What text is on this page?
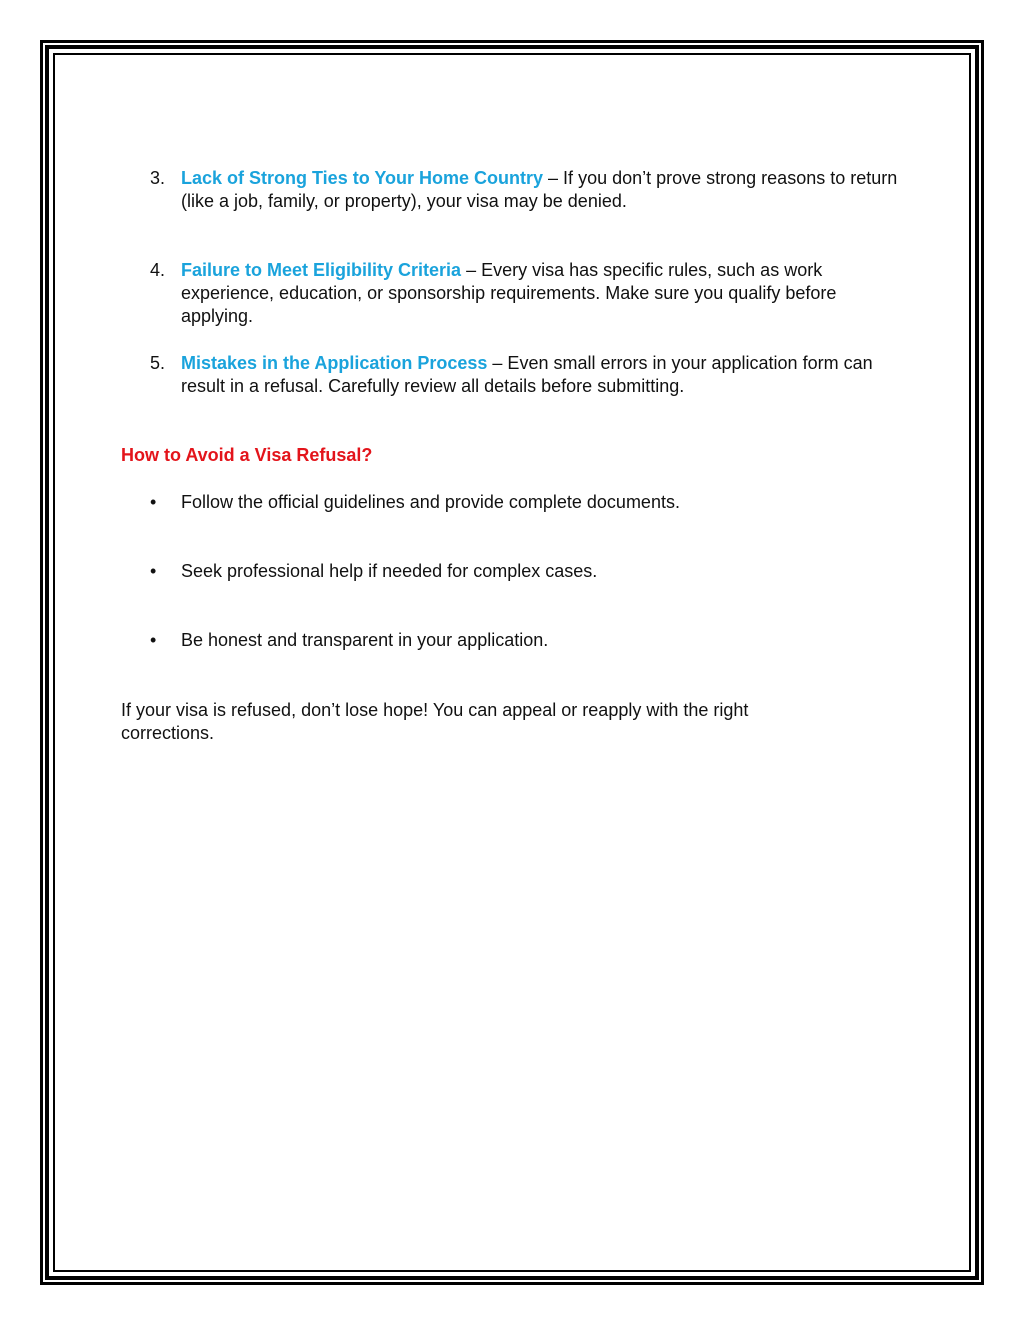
3. Lack of Strong Ties to Your Home Country – If you don’t prove strong reasons to return (like a job, family, or property), your visa may be denied.
4. Failure to Meet Eligibility Criteria – Every visa has specific rules, such as work experience, education, or sponsorship requirements. Make sure you qualify before applying.
5. Mistakes in the Application Process – Even small errors in your application form can result in a refusal. Carefully review all details before submitting.
How to Avoid a Visa Refusal?
•	Follow the official guidelines and provide complete documents.
•	Seek professional help if needed for complex cases.
•	Be honest and transparent in your application.
If your visa is refused, don’t lose hope! You can appeal or reapply with the right corrections.
